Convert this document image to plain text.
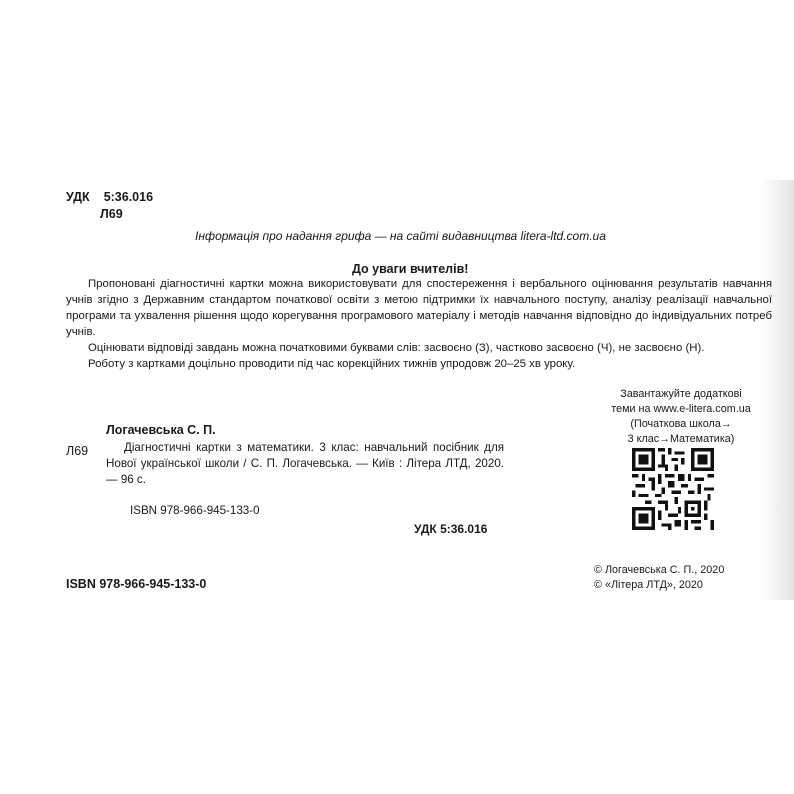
УДК 5:36.016
Л69
Інформація про надання грифа — на сайті видавництва litera-ltd.com.ua
До уваги вчителів!
Пропоновані діагностичні картки можна використовувати для спостереження і вербального оцінювання результатів навчання учнів згідно з Державним стандартом початкової освіти з метою підтримки їх навчального поступу, аналізу реалізації навчальної програми та ухвалення рішення щодо корегування програмового матеріалу і методів навчання відповідно до індивідуальних потреб учнів.
Оцінювати відповіді завдань можна початковими буквами слів: засвоєно (З), частково засвоєно (Ч), не засвоєно (Н).
Роботу з картками доцільно проводити під час корекційних тижнів упродовж 20–25 хв уроку.
Завантажуйте додаткові
теми на www.e-litera.com.ua
(Початкова школа→
3 клас→Математика)
Логачевська С. П.
Л69	Діагностичні картки з математики. 3 клас: навчальний посібник для Нової української школи / С. П. Логачевська. — Київ : Літера ЛТД, 2020. — 96 с.
ISBN 978-966-945-133-0
УДК 5:36.016
ISBN 978-966-945-133-0
© Логачевська С. П., 2020
© «Літера ЛТД», 2020
